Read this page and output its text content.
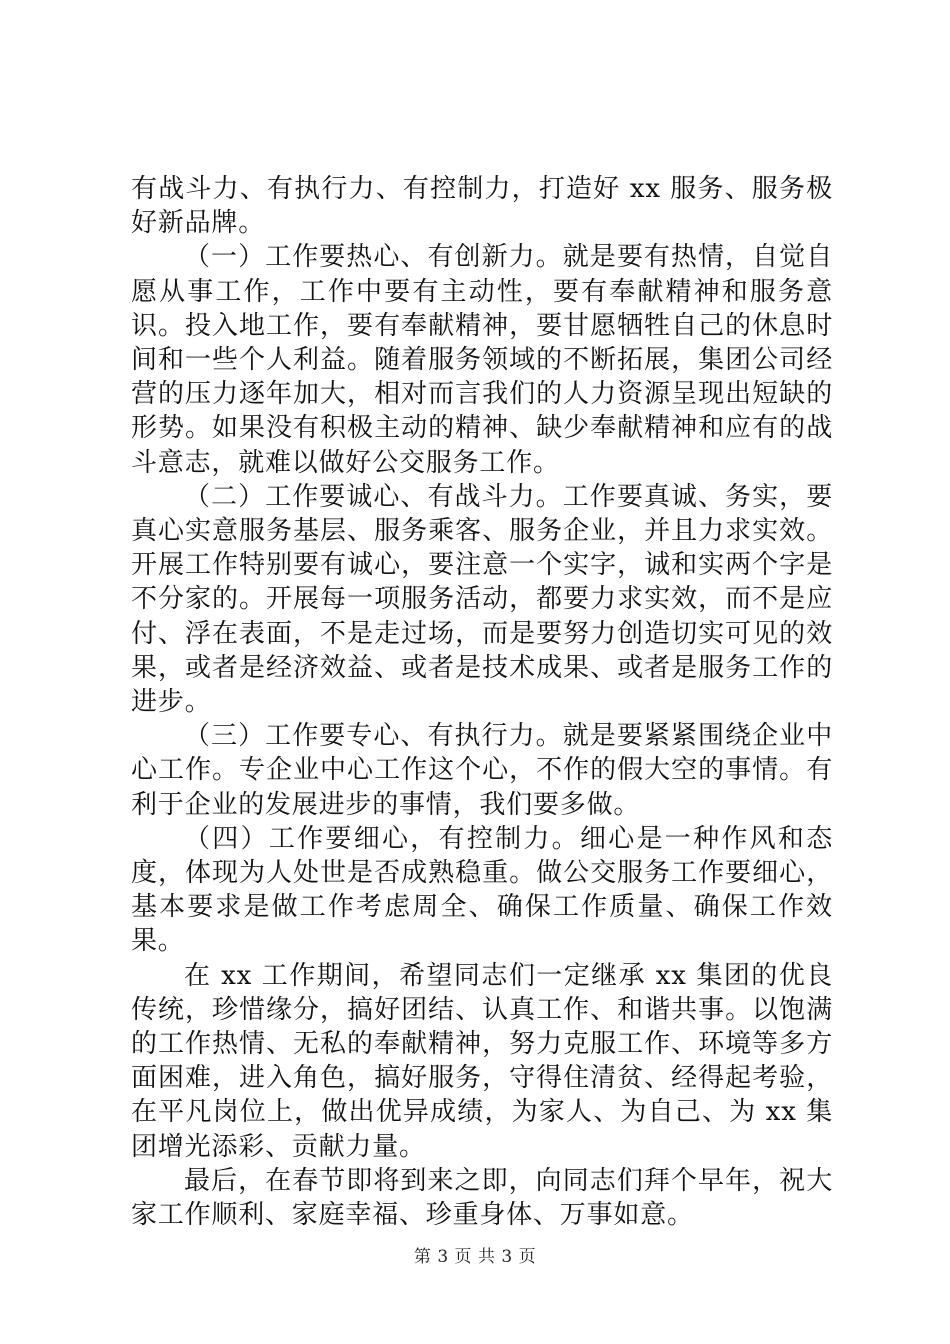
有战斗力、有执行力、有控制力，打造好 xx 服务、服务极好新品牌。

（一）工作要热心、有创新力。就是要有热情，自觉自愿从事工作，工作中要有主动性，要有奉献精神和服务意识。投入地工作，要有奉献精神，要甘愿牺牲自己的休息时间和一些个人利益。随着服务领域的不断拓展，集团公司经营的压力逐年加大，相对而言我们的人力资源呈现出短缺的形势。如果没有积极主动的精神、缺少奉献精神和应有的战斗意志，就难以做好公交服务工作。

（二）工作要诚心、有战斗力。工作要真诚、务实，要真心实意服务基层、服务乘客、服务企业，并且力求实效。开展工作特别要有诚心，要注意一个实字，诚和实两个字是不分家的。开展每一项服务活动，都要力求实效，而不是应付、浮在表面，不是走过场，而是要努力创造切实可见的效果，或者是经济效益、或者是技术成果、或者是服务工作的进步。

（三）工作要专心、有执行力。就是要紧紧围绕企业中心工作。专企业中心工作这个心，不作的假大空的事情。有利于企业的发展进步的事情，我们要多做。

（四）工作要细心，有控制力。细心是一种作风和态度，体现为人处世是否成熟稳重。做公交服务工作要细心，基本要求是做工作考虑周全、确保工作质量、确保工作效果。

在 xx 工作期间，希望同志们一定继承 xx 集团的优良传统，珍惜缘分，搞好团结、认真工作、和谐共事。以饱满的工作热情、无私的奉献精神，努力克服工作、环境等多方面困难，进入角色，搞好服务，守得住清贫、经得起考验，在平凡岗位上，做出优异成绩，为家人、为自己、为 xx 集团增光添彩、贡献力量。

最后，在春节即将到来之即，向同志们拜个早年，祝大家工作顺利、家庭幸福、珍重身体、万事如意。

第 3 页 共 3 页
